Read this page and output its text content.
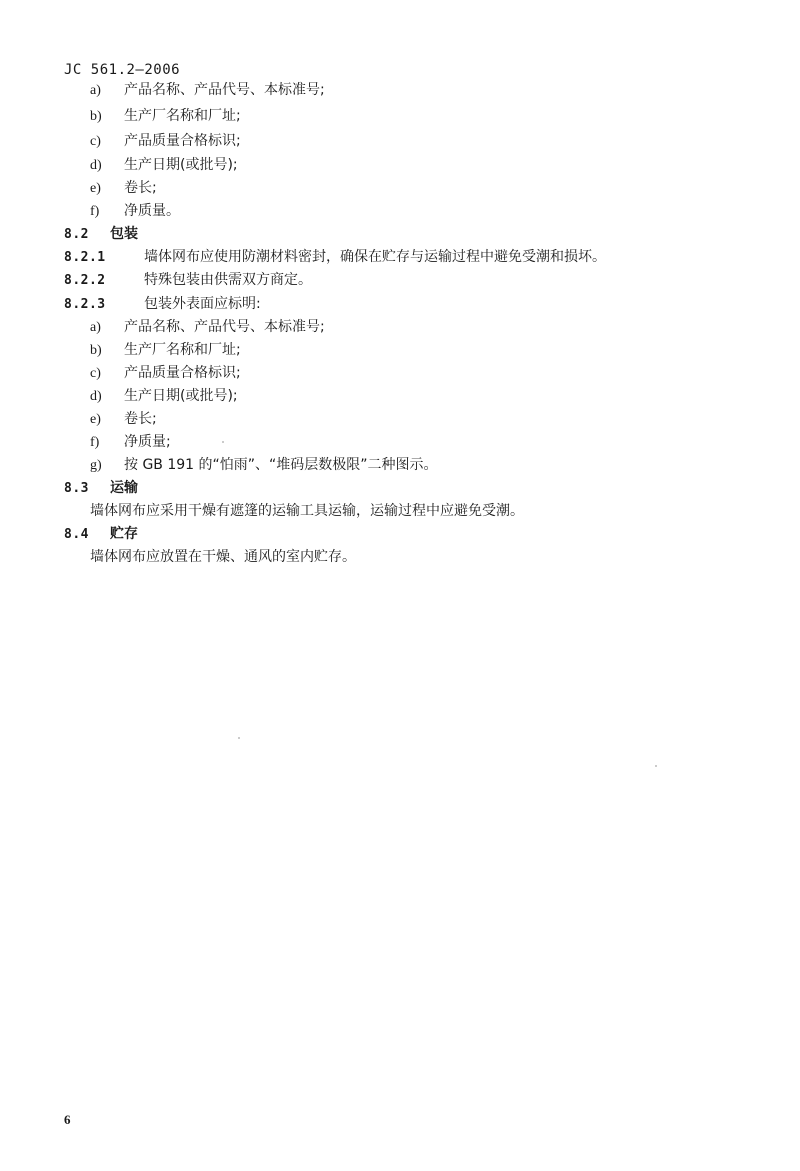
JC 561.2—2006
a) 产品名称、产品代号、本标准号;
b) 生产厂名称和厂址;
c) 产品质量合格标识;
d) 生产日期(或批号);
e) 卷长;
f) 净质量。
8.2 包装
8.2.1	墙体网布应使用防潮材料密封，确保在贮存与运输过程中避免受潮和损坏。
8.2.2	特殊包装由供需双方商定。
8.2.3	包装外表面应标明:
a) 产品名称、产品代号、本标准号;
b) 生产厂名称和厂址;
c) 产品质量合格标识;
d) 生产日期(或批号);
e) 卷长;
f) 净质量;
g) 按 GB 191 的“怕雨”、“堆码层数极限”二种图示。
8.3 运输
墙体网布应采用干燥有遮篷的运输工具运输，运输过程中应避免受潮。
8.4 贮存
墙体网布应放置在干燥、通风的室内贮存。
6
